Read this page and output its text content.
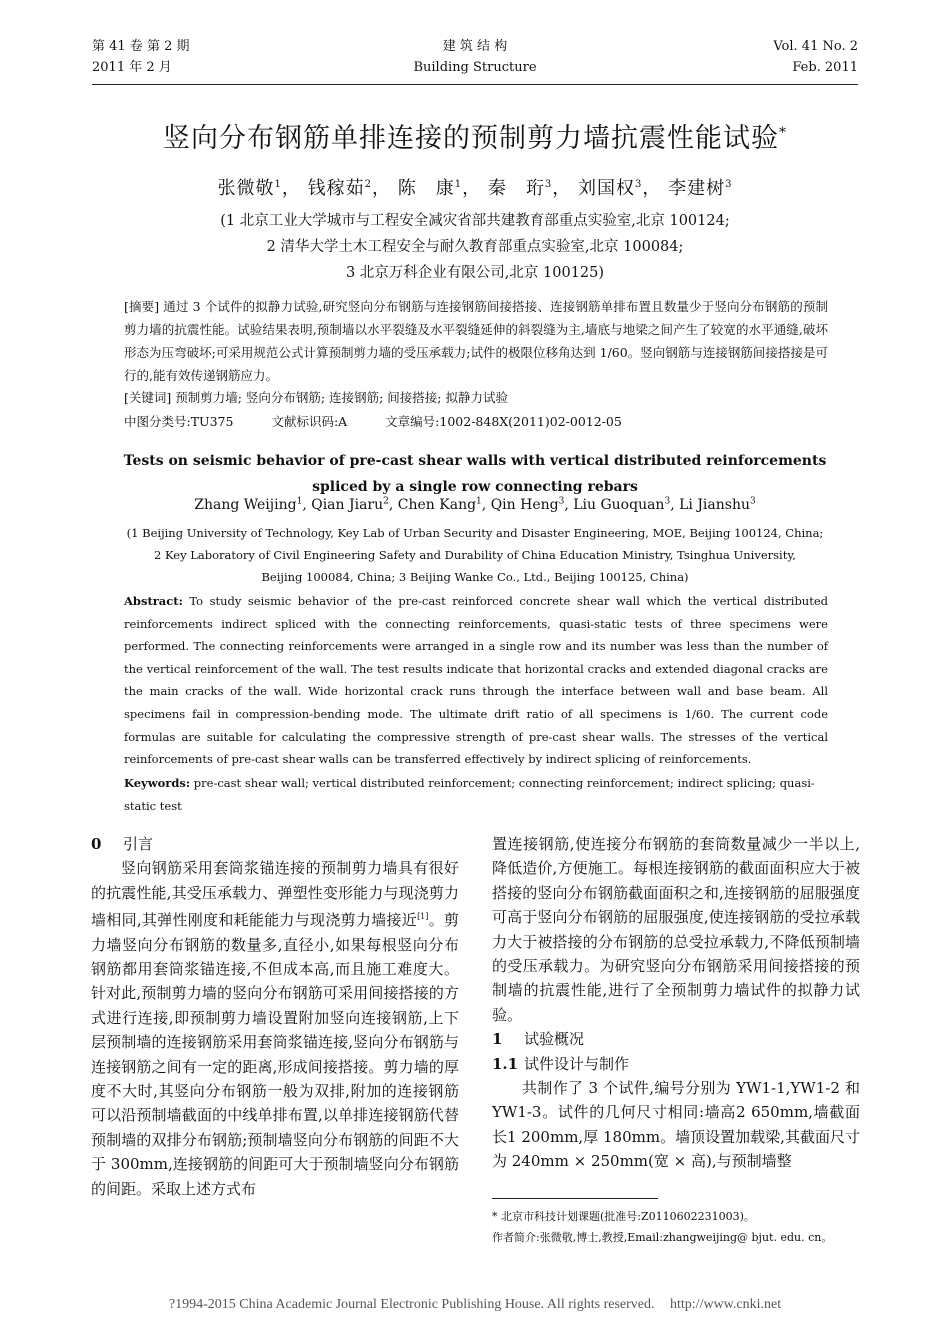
第 41 卷 第 2 期
2011 年 2 月
建 筑 结 构
Building Structure
Vol. 41 No. 2
Feb. 2011
竖向分布钢筋单排连接的预制剪力墙抗震性能试验*
张微敬$^1$， 钱稼茹$^2$， 陈　康$^1$， 秦　珩$^3$， 刘国权$^3$， 李建树$^3$
(1 北京工业大学城市与工程安全减灾省部共建教育部重点实验室,北京 100124;
2 清华大学土木工程安全与耐久教育部重点实验室,北京 100084;
3 北京万科企业有限公司,北京 100125)
[摘要] 通过 3 个试件的拟静力试验,研究竖向分布钢筋与连接钢筋间接搭接、连接钢筋单排布置且数量少于竖向分布钢筋的预制剪力墙的抗震性能。试验结果表明,预制墙以水平裂缝及水平裂缝延伸的斜裂缝为主,墙底与地梁之间产生了较宽的水平通缝,破坏形态为压弯破坏;可采用规范公式计算预制剪力墙的受压承载力;试件的极限位移角达到 1/60。竖向钢筋与连接钢筋间接搭接是可行的,能有效传递钢筋应力。
[关键词] 预制剪力墙; 竖向分布钢筋; 连接钢筋; 间接搭接; 拟静力试验
中图分类号:TU375	文献标识码:A	文章编号:1002-848X(2011)02-0012-05
Tests on seismic behavior of pre-cast shear walls with vertical distributed reinforcements
spliced by a single row connecting rebars
Zhang Weijing$^1$, Qian Jiaru$^2$, Chen Kang$^1$, Qin Heng$^3$, Liu Guoquan$^3$, Li Jianshu$^3$
(1 Beijing University of Technology, Key Lab of Urban Security and Disaster Engineering, MOE, Beijing 100124, China;
2 Key Laboratory of Civil Engineering Safety and Durability of China Education Ministry, Tsinghua University,
Beijing 100084, China; 3 Beijing Wanke Co., Ltd., Beijing 100125, China)
Abstract: To study seismic behavior of the pre-cast reinforced concrete shear wall which the vertical distributed reinforcements indirect spliced with the connecting reinforcements, quasi-static tests of three specimens were performed. The connecting reinforcements were arranged in a single row and its number was less than the number of the vertical reinforcement of the wall. The test results indicate that horizontal cracks and extended diagonal cracks are the main cracks of the wall. Wide horizontal crack runs through the interface between wall and base beam. All specimens fail in compression-bending mode. The ultimate drift ratio of all specimens is 1/60. The current code formulas are suitable for calculating the compressive strength of pre-cast shear walls. The stresses of the vertical reinforcements of pre-cast shear walls can be transferred effectively by indirect splicing of reinforcements.
Keywords: pre-cast shear wall; vertical distributed reinforcement; connecting reinforcement; indirect splicing; quasi-static test
0	引言

竖向钢筋采用套筒浆锚连接的预制剪力墙具有很好的抗震性能,其受压承载力、弹塑性变形能力与现浇剪力墙相同,其弹性刚度和耗能能力与现浇剪力墙接近[1]。剪力墙竖向分布钢筋的数量多,直径小,如果每根竖向分布钢筋都用套筒浆锚连接,不但成本高,而且施工难度大。针对此,预制剪力墙的竖向分布钢筋可采用间接搭接的方式进行连接,即预制剪力墙设置附加竖向连接钢筋,上下层预制墙的连接钢筋采用套筒浆锚连接,竖向分布钢筋与连接钢筋之间有一定的距离,形成间接搭接。剪力墙的厚度不大时,其竖向分布钢筋一般为双排,附加的连接钢筋可以沿预制墙截面的中线单排布置,以单排连接钢筋代替预制墙的双排分布钢筋;预制墙竖向分布钢筋的间距不大于 300mm,连接钢筋的间距可大于预制墙竖向分布钢筋的间距。采取上述方式布

置连接钢筋,使连接分布钢筋的套筒数量减少一半以上,降低造价,方便施工。每根连接钢筋的截面面积应大于被搭接的竖向分布钢筋截面面积之和,连接钢筋的屈服强度可高于竖向分布钢筋的屈服强度,使连接钢筋的受拉承载力大于被搭接的分布钢筋的总受拉承载力,不降低预制墙的受压承载力。为研究竖向分布钢筋采用间接搭接的预制墙的抗震性能,进行了全预制剪力墙试件的拟静力试验。

1	试验概况
1.1 试件设计与制作

共制作了 3 个试件,编号分别为 YW1-1,YW1-2 和 YW1-3。试件的几何尺寸相同:墙高2 650mm,墙截面长1 200mm,厚 180mm。墙顶设置加载梁,其截面尺寸为 240mm × 250mm(宽 × 高),与预制墙整

* 北京市科技计划课题(批准号:Z0110602231003)。
作者简介:张微敬,博士,教授,Email:zhangweijing@ bjut. edu. cn。
?1994-2015 China Academic Journal Electronic Publishing House. All rights reserved. http://www.cnki.net
